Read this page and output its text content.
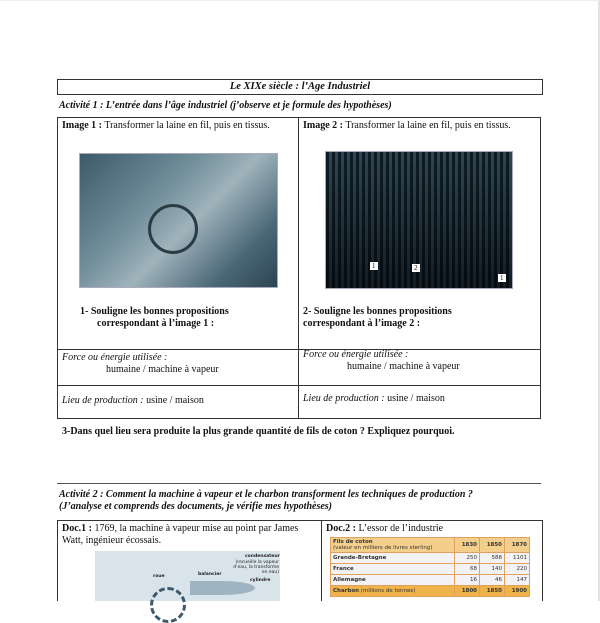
Le XIXe siècle : l’Age Industriel
Activité 1 : L’entrée dans l’âge industriel (j’observe et je formule des hypothèses)
Image 1 : Transformer la laine en fil, puis en tissus.
1- Souligne les bonnes propositions
correspondant à l’image 1 :
Force ou énergie utilisée :
humaine / machine à vapeur
Lieu de production : usine / maison
Image 2 : Transformer la laine en fil, puis en tissus.
1	2
1
2- Souligne les bonnes propositions
correspondant à l’image 2 :
Force ou énergie utilisée :
humaine / machine à vapeur
Lieu de production : usine / maison
3-Dans quel lieu sera produite la plus grande quantité de fils de coton ? Expliquez pourquoi.
Activité 2 : Comment la machine à vapeur et le charbon transforment les techniques de production ?
(J’analyse et comprends des documents, je vérifie mes hypothèses)
Doc.1 : 1769, la machine à vapeur mise au point par James Watt, ingénieur écossais.
condensateur
(recueille la vapeur d’eau, la transforme en eau)
roue	balancier
cylindre
Doc.2 : L’essor de l’industrie
Fils de coton
(valeur en milliers de livres sterling)	1830	1850	1870
Grande-Bretagne	250	588	1101
France	68	140	220
Allemagne	16	46	147
Charbon (millions de tonnes)	1800	1850	1900
